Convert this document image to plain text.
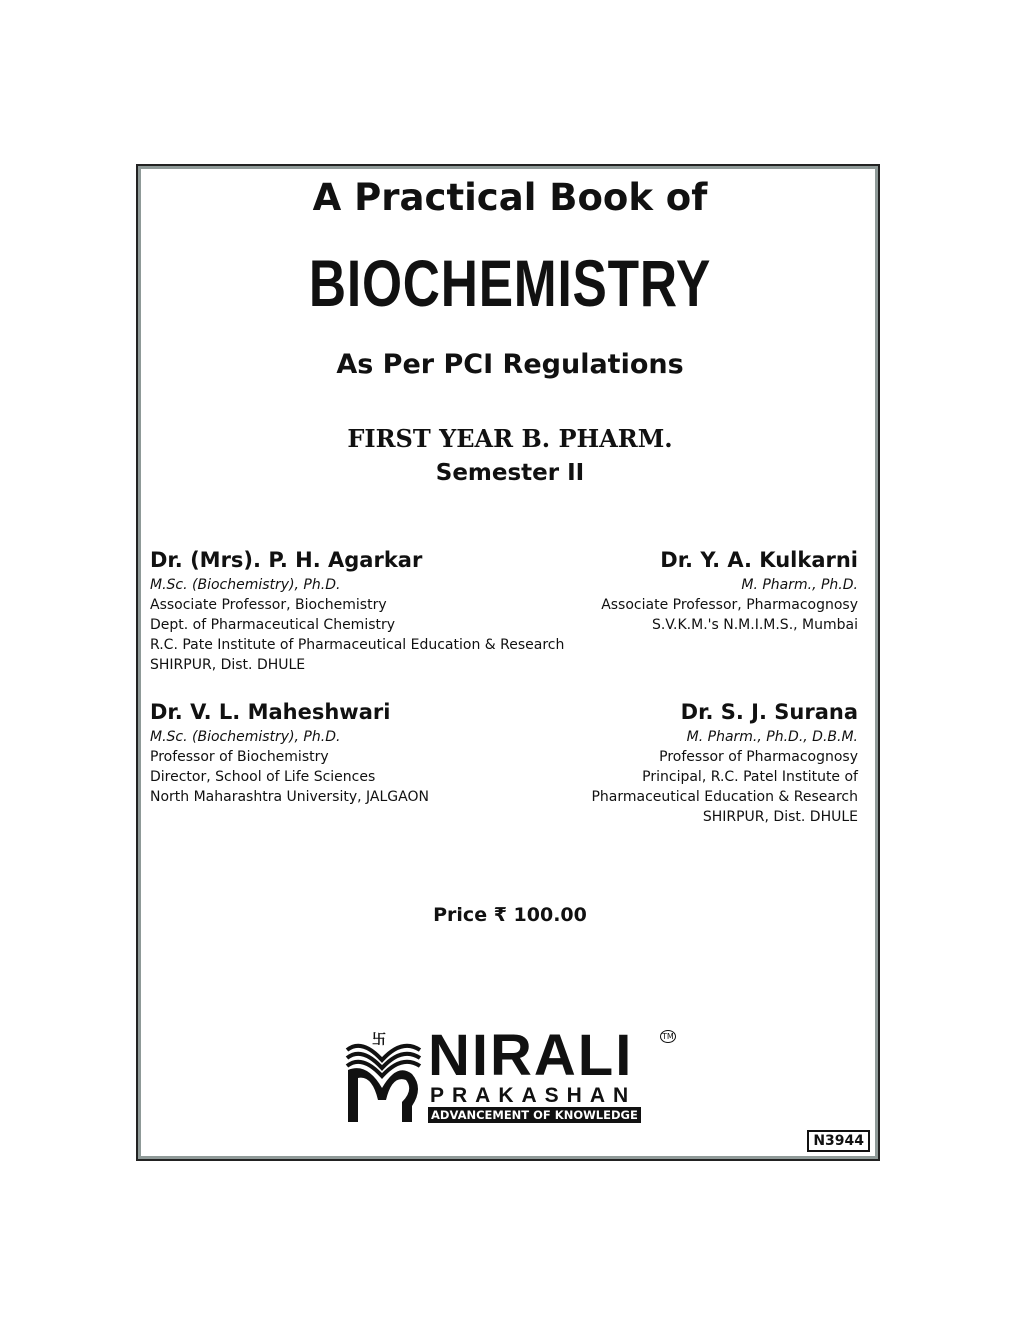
A Practical Book of
BIOCHEMISTRY
As Per PCI Regulations
FIRST YEAR B. PHARM.
Semester II
Dr. (Mrs). P. H. Agarkar
M.Sc. (Biochemistry), Ph.D.
Associate Professor, Biochemistry
Dept. of Pharmaceutical Chemistry
R.C. Pate Institute of Pharmaceutical Education & Research
SHIRPUR, Dist. DHULE
Dr. Y. A. Kulkarni
M. Pharm., Ph.D.
Associate Professor, Pharmacognosy
S.V.K.M.'s N.M.I.M.S., Mumbai
Dr. V. L. Maheshwari
M.Sc. (Biochemistry), Ph.D.
Professor of Biochemistry
Director, School of Life Sciences
North Maharashtra University, JALGAON
Dr. S. J. Surana
M. Pharm., Ph.D., D.B.M.
Professor of Pharmacognosy
Principal, R.C. Patel Institute of
Pharmaceutical Education & Research
SHIRPUR, Dist. DHULE
Price ₹ 100.00
卐 NIRALI	TM
PRAKASHAN
ADVANCEMENT OF KNOWLEDGE
N3944
